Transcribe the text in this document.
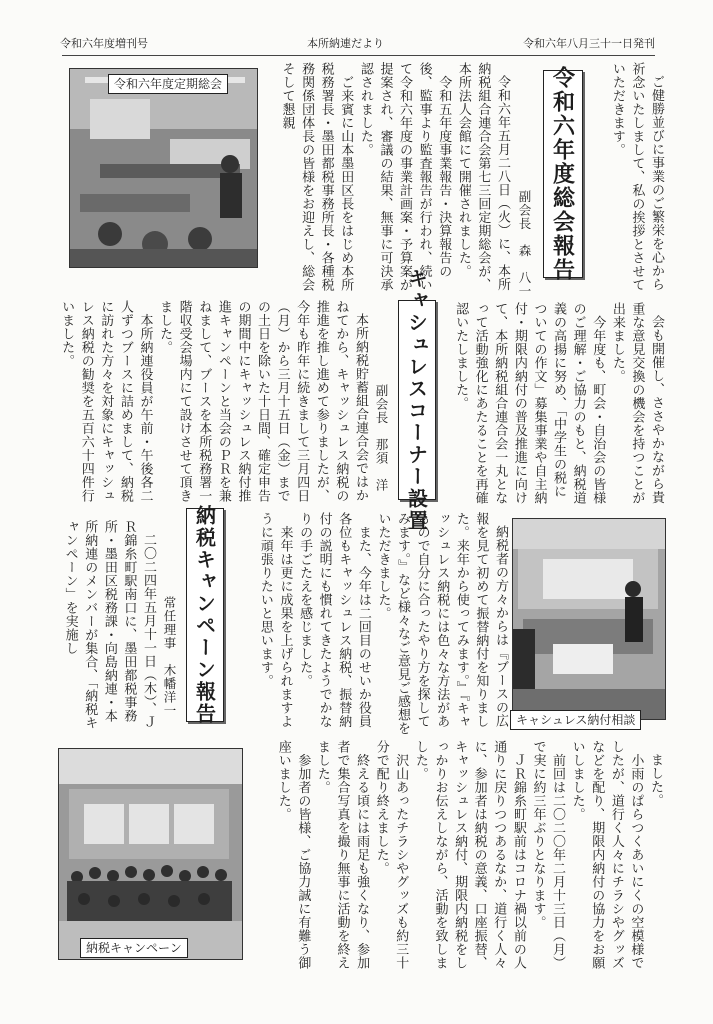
令和六年度増刊号	本所納連だより	令和六年八月三十一日発刊

ご健勝並びに事業のご繁栄を心から祈念いたしまして、私の挨拶とさせていただきます。

令和六年度総会報告
副会長　森　八一

令和六年五月二八日（火）に、本所納税組合連合会第七三回定期総会が、本所法人会館にて開催されました。
　令和五年度事業報告・決算報告の後、監事より監査報告が行われ、続いて令和六年度の事業計画案・予算案が提案され、審議の結果、無事に可決承認されました。
　ご来賓に山本墨田区長をはじめ本所税務署長・墨田都税事務所長・各種税務関係団体長の皆様をお迎えし、総会そして懇親

会も開催し、ささやかながら貴重な意見交換の機会を持つことが出来ました。
　今年度も、町会・自治会の皆様のご理解・ご協力のもと、納税道義の高揚に努め、「中学生の税についての作文」募集事業や自主納付・期限内納付の普及推進に向けて、本所納税組合連合会一丸となって活動強化にあたることを再確認いたしました。

令和六年度定期総会
キャシュレスコーナー設置
副会長　那須　洋

本所納税貯蓄組合連合会ではかねてから、キャッシュレス納税の推進を推し進めて参りましたが、今年も昨年に続きまして三月四日（月）から三月十五日（金）までの土日を除いた十日間、確定申告の期間中にキャッシュレス納付推進キャンペーンと当会のＰＲを兼ねまして、ブースを本所税務署一階収受会場内にて設けさせて頂きました。
　本所納連役員が午前・午後各二人ずつブースに詰めまして、納税に訪れた方々を対象にキャッシュレス納税の勧奨を五百六十四件行いました。

納税者の方々からは『ブースの広報を見て初めて振替納付を知りました。来年から使ってみます。』『キャッシュレス納税には色々な方法があるので自分に合ったやり方を探してみます。』など様々なご意見ご感想をいただきました。
　また、今年は二回目のせいか役員各位もキャッシュレス納税、振替納付の説明にも慣れてきたようでかなりの手ごたえを感じました。
　来年は更に成果を上げられますように頑張りたいと思います。

キャシュレス納付相談
納税キャンペーン報告
常任理事　木幡洋一

二〇二四年五月十一日（木）、ＪＲ錦糸町駅南口に、墨田都税事務所・墨田区税務課・向島納連・本所納連のメンバーが集合、「納税キャンペーン」を実施し

ました。
　小雨のぱらつくあいにくの空模様でしたが、道行く人々にチラシやグッズなどを配り、期限内納付の協力をお願いしました。
　前回は二〇二〇年二月十三日（月）で実に約三年ぶりとなります。
　ＪＲ錦糸町駅前はコロナ禍以前の人通りに戻りつつあるなか、道行く人々に、参加者は納税の意義、口座振替、キャッシュレス納付、期限内納税をしっかりお伝えしながら、活動を致しました。
　沢山あったチラシやグッズも約三十分で配り終えました。
　終える頃には雨足も強くなり、参加者で集合写真を撮り無事に活動を終えました。
　参加者の皆様、ご協力誠に有難う御座いました。

納税キャンペーン
